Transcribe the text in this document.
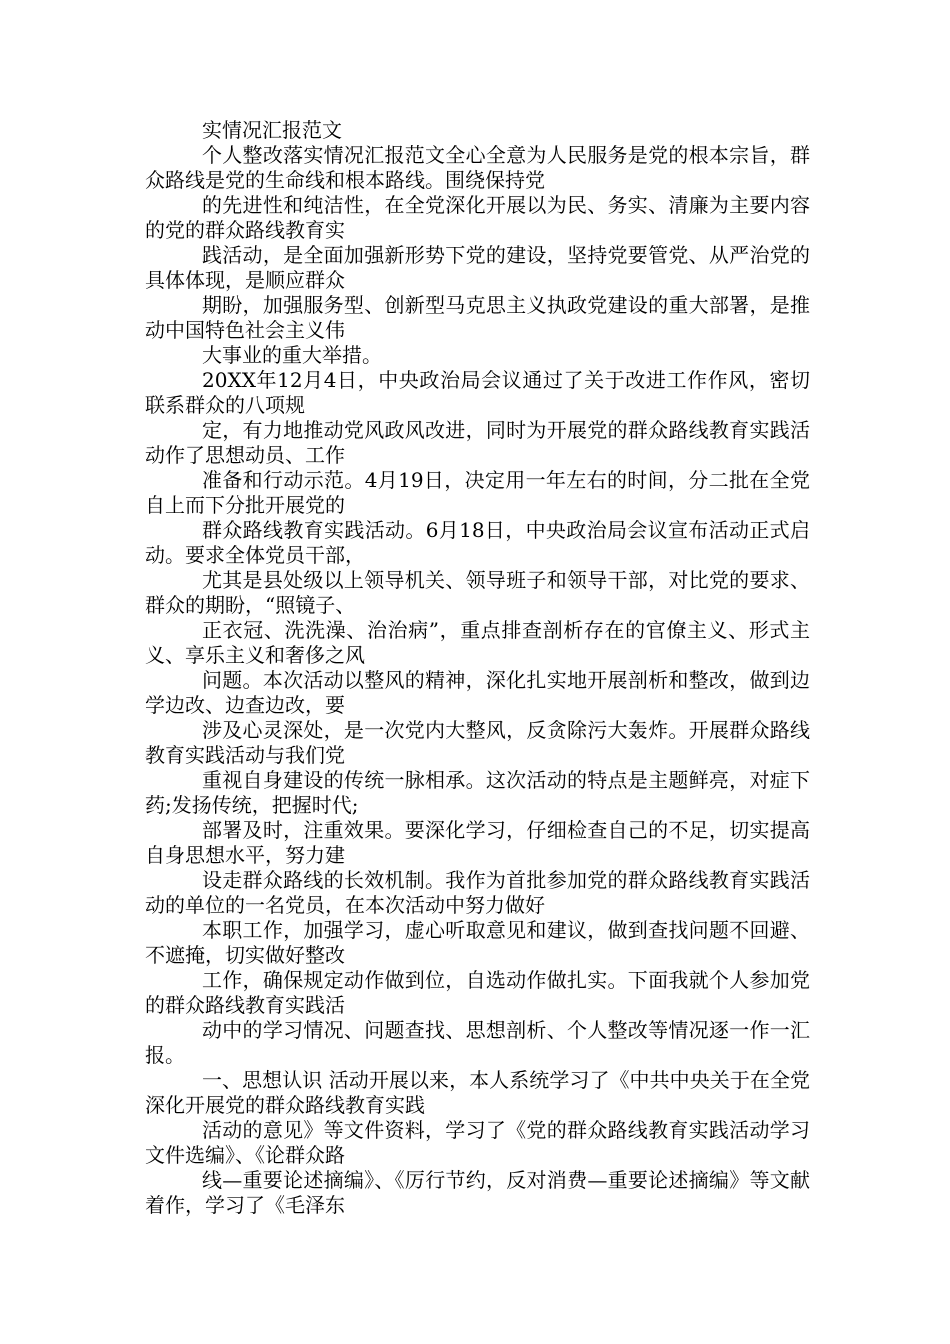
实情况汇报范文

个人整改落实情况汇报范文全心全意为人民服务是党的根本宗旨，群众路线是党的生命线和根本路线。围绕保持党

的先进性和纯洁性，在全党深化开展以为民、务实、清廉为主要内容的党的群众路线教育实

践活动，是全面加强新形势下党的建设，坚持党要管党、从严治党的具体体现，是顺应群众

期盼，加强服务型、创新型马克思主义执政党建设的重大部署，是推动中国特色社会主义伟

大事业的重大举措。

20XX年12月4日，中央政治局会议通过了关于改进工作作风，密切联系群众的八项规

定，有力地推动党风政风改进，同时为开展党的群众路线教育实践活动作了思想动员、工作

准备和行动示范。4月19日，决定用一年左右的时间，分二批在全党自上而下分批开展党的

群众路线教育实践活动。6月18日，中央政治局会议宣布活动正式启动。要求全体党员干部，

尤其是县处级以上领导机关、领导班子和领导干部，对比党的要求、群众的期盼，“照镜子、

正衣冠、洗洗澡、治治病”，重点排查剖析存在的官僚主义、形式主义、享乐主义和奢侈之风

问题。本次活动以整风的精神，深化扎实地开展剖析和整改，做到边学边改、边查边改，要

涉及心灵深处，是一次党内大整风，反贪除污大轰炸。开展群众路线教育实践活动与我们党

重视自身建设的传统一脉相承。这次活动的特点是主题鲜亮，对症下药;发扬传统，把握时代;

部署及时，注重效果。要深化学习，仔细检查自己的不足，切实提高自身思想水平，努力建

设走群众路线的长效机制。我作为首批参加党的群众路线教育实践活动的单位的一名党员，在本次活动中努力做好

本职工作，加强学习，虚心听取意见和建议，做到查找问题不回避、不遮掩，切实做好整改

工作，确保规定动作做到位，自选动作做扎实。下面我就个人参加党的群众路线教育实践活

动中的学习情况、问题查找、思想剖析、个人整改等情况逐一作一汇报。

一、思想认识 活动开展以来，本人系统学习了《中共中央关于在全党深化开展党的群众路线教育实践

活动的意见》等文件资料，学习了《党的群众路线教育实践活动学习文件选编》、《论群众路

线—重要论述摘编》、《厉行节约，反对消费—重要论述摘编》等文献着作，学习了《毛泽东
